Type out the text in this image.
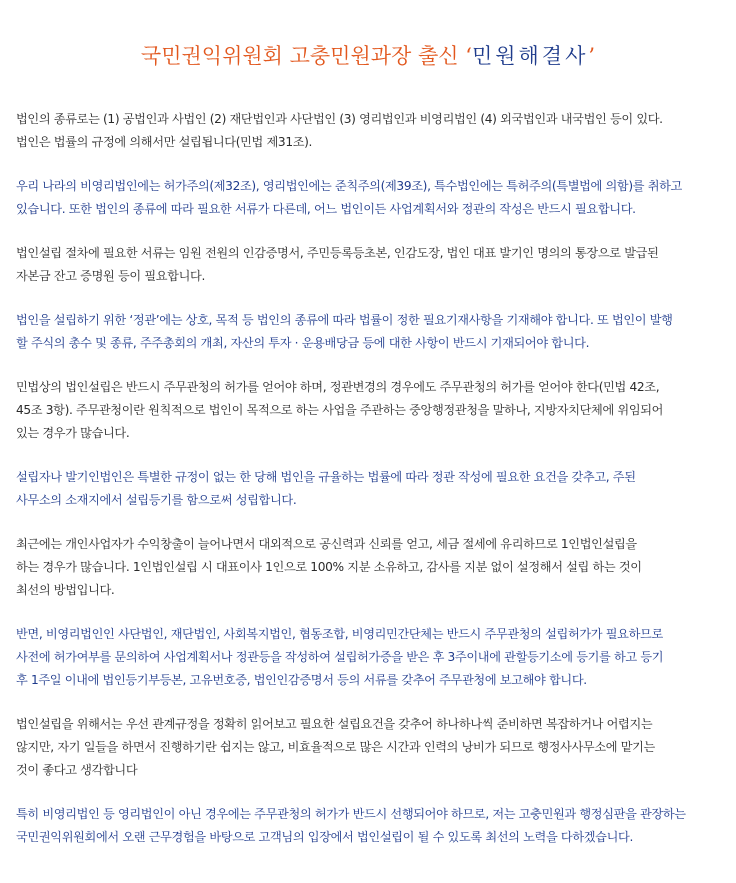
국민권익위원회 고충민원과장 출신 ‘민원해결사’
법인의 종류로는 (1) 공법인과 사법인 (2) 재단법인과 사단법인 (3) 영리법인과 비영리법인 (4) 외국법인과 내국법인 등이 있다.
법인은 법률의 규정에 의해서만 설립됩니다(민법 제31조).
우리 나라의 비영리법인에는 허가주의(제32조), 영리법인에는 준칙주의(제39조), 특수법인에는 특허주의(특별법에 의함)를 취하고
있습니다. 또한 법인의 종류에 따라 필요한 서류가 다른데, 어느 법인이든 사업계획서와 정관의 작성은 반드시 필요합니다.
법인설립 절차에 필요한 서류는 임원 전원의 인감증명서, 주민등록등초본, 인감도장, 법인 대표 발기인 명의의 통장으로 발급된
자본금 잔고 증명원 등이 필요합니다.
법인을 설립하기 위한 ‘정관’에는 상호, 목적 등 법인의 종류에 따라 법률이 정한 필요기재사항을 기재해야 합니다. 또 법인이 발행
할 주식의 총수 및 종류, 주주총회의 개최, 자산의 투자 · 운용배당금 등에 대한 사항이 반드시 기재되어야 합니다.
민법상의 법인설립은 반드시 주무관청의 허가를 얻어야 하며, 정관변경의 경우에도 주무관청의 허가를 얻어야 한다(민법 42조,
45조 3항). 주무관청이란 원칙적으로 법인이 목적으로 하는 사업을 주관하는 중앙행정관청을 말하나, 지방자치단체에 위임되어
있는 경우가 많습니다.
설립자나 발기인법인은 특별한 규정이 없는 한 당해 법인을 규율하는 법률에 따라 정관 작성에 필요한 요건을 갖추고, 주된
사무소의 소재지에서 설립등기를 함으로써 성립합니다.
최근에는 개인사업자가 수익창출이 늘어나면서 대외적으로 공신력과 신뢰를 얻고, 세금 절세에 유리하므로 1인법인설립을
하는 경우가 많습니다. 1인법인설립 시 대표이사 1인으로 100% 지분 소유하고, 감사를 지분 없이 설정해서 설립 하는 것이
최선의 방법입니다.
반면, 비영리법인인 사단법인, 재단법인, 사회복지법인, 협동조합, 비영리민간단체는 반드시 주무관청의 설립허가가 필요하므로
사전에 허가여부를 문의하여 사업계획서나 정관등을 작성하여 설립허가증을 받은 후 3주이내에 관할등기소에 등기를 하고 등기
후 1주일 이내에 법인등기부등본, 고유번호증, 법인인감증명서 등의 서류를 갖추어 주무관청에 보고해야 합니다.
법인설립을 위해서는 우선 관계규정을 정확히 읽어보고 필요한 설립요건을 갖추어 하나하나씩 준비하면 복잡하거나 어렵지는
않지만, 자기 일들을 하면서 진행하기란 쉽지는 않고, 비효율적으로 많은 시간과 인력의 낭비가 되므로 행정사사무소에 맡기는
것이 좋다고 생각합니다
특히 비영리법인 등 영리법인이 아닌 경우에는 주무관청의 허가가 반드시 선행되어야 하므로, 저는 고충민원과 행정심판을 관장하는
국민권익위원회에서 오랜 근무경험을 바탕으로 고객님의 입장에서 법인설립이 될 수 있도록 최선의 노력을 다하겠습니다.
